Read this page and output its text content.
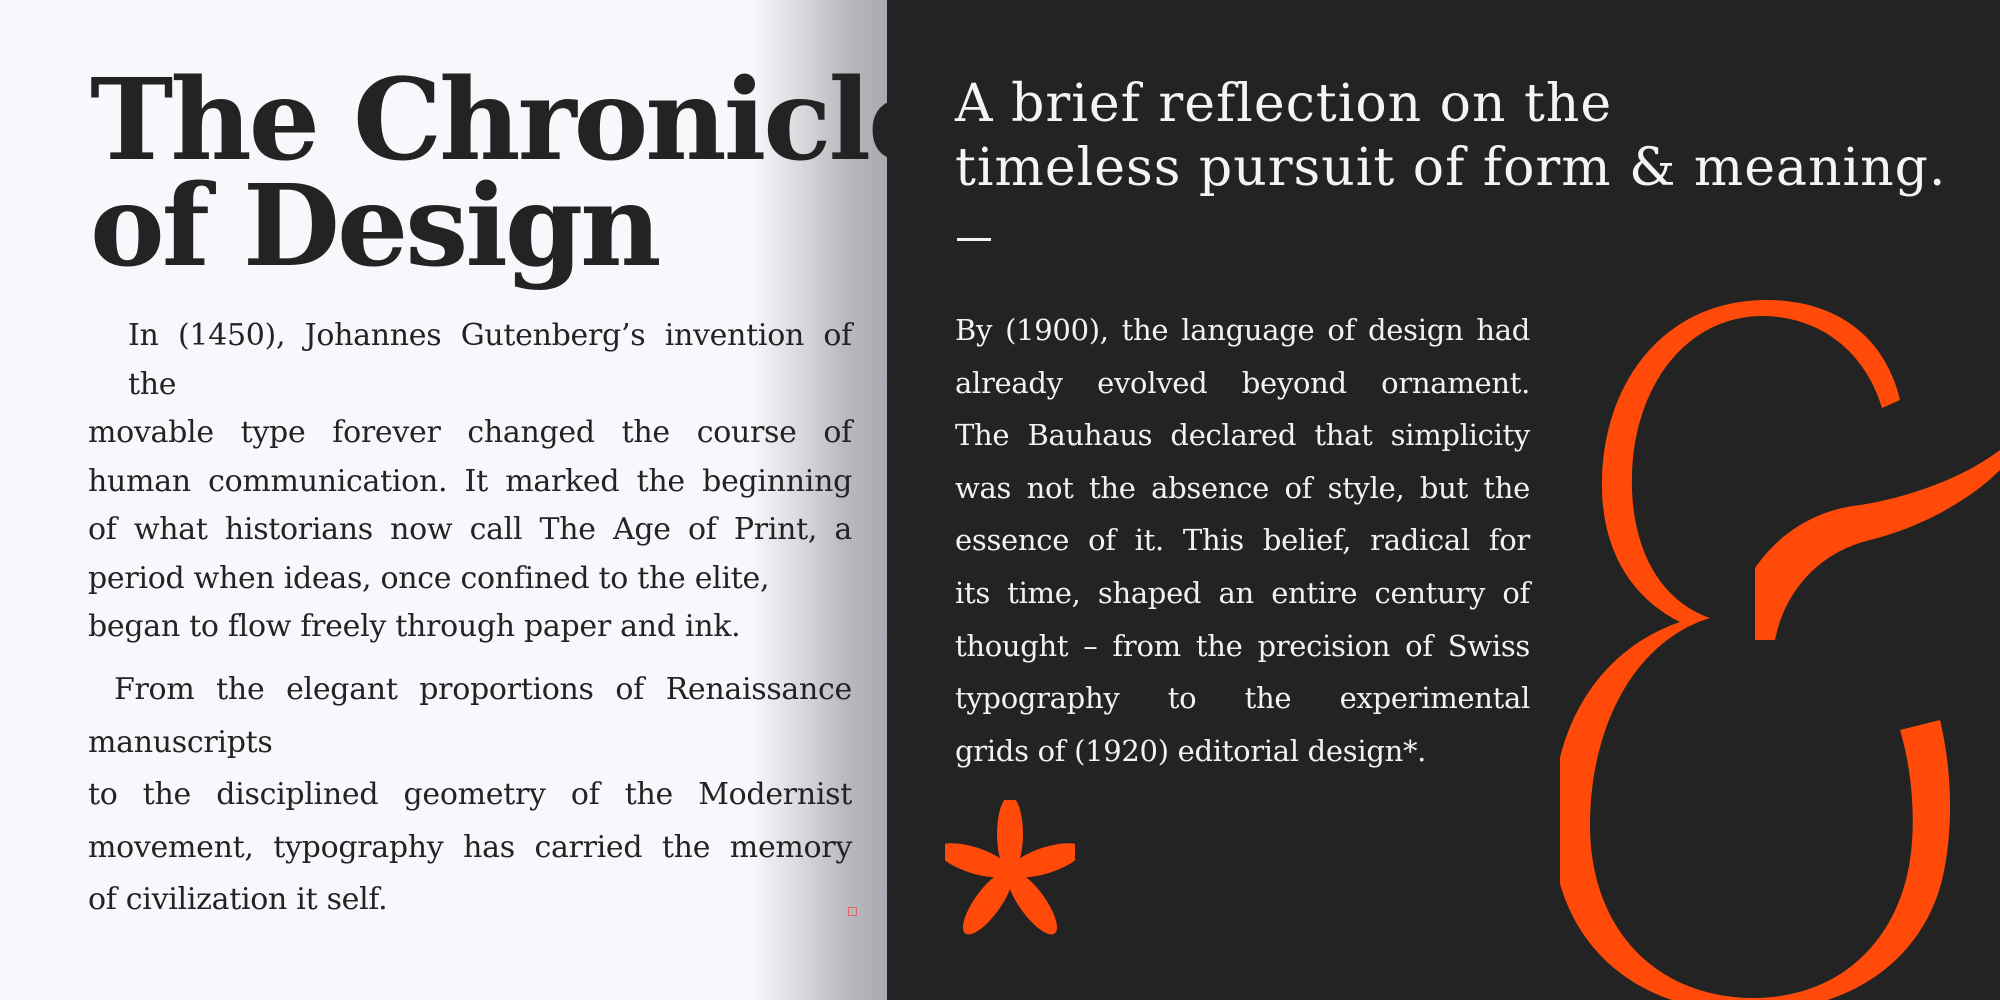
The Chronicle
of Design
In (1450), Johannes Gutenberg’s invention of the
movable type forever changed the course of
human communication. It marked the beginning
of what historians now call The Age of Print, a
period when ideas, once confined to the elite,
began to flow freely through paper and ink.
From the elegant proportions of Renaissance
manuscripts
to the disciplined geometry of the Modernist
movement, typography has carried the memory
of civilization it self.
A brief reflection on the
timeless pursuit of form & meaning.
By (1900), the language of design had
already evolved beyond ornament.
The Bauhaus declared that simplicity
was not the absence of style, but the
essence of it. This belief, radical for
its time, shaped an entire century of
thought – from the precision of Swiss
typography to the experimental
grids of (1920) editorial design*.
